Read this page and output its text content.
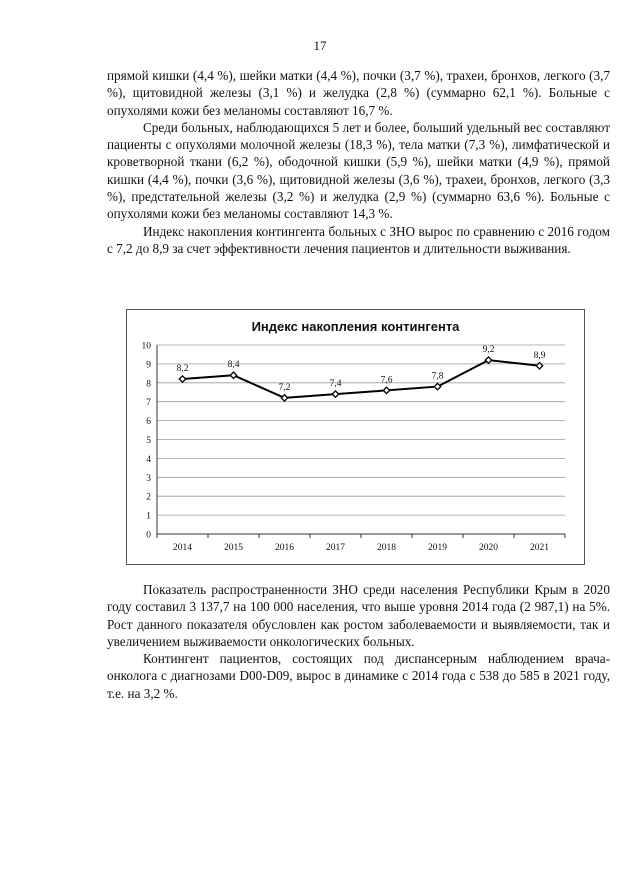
17

прямой кишки (4,4 %), шейки матки (4,4 %), почки (3,7 %), трахеи, бронхов, легкого (3,7 %), щитовидной железы (3,1 %) и желудка (2,8 %) (суммарно 62,1 %). Больные с опухолями кожи без меланомы составляют 16,7 %.

Среди больных, наблюдающихся 5 лет и более, больший удельный вес составляют пациенты с опухолями молочной железы (18,3 %), тела матки (7,3 %), лимфатической и кроветворной ткани (6,2 %), ободочной кишки (5,9 %), шейки матки (4,9 %), прямой кишки (4,4 %), почки (3,6 %), щитовидной железы (3,6 %), трахеи, бронхов, легкого (3,3 %), предстательной железы (3,2 %) и желудка (2,9 %) (суммарно 63,6 %). Больные с опухолями кожи без меланомы составляют 14,3 %.

Индекс накопления контингента больных с ЗНО вырос по сравнению с 2016 годом с 7,2 до 8,9 за счет эффективности лечения пациентов и длительности выживания.

Индекс накопления контингента
0
1
2
3
4
5
6
7
8
9
10
2014	2015	2016	2017	2018	2019	2020	2021
8,2	8,4
7,2	7,4	7,6	7,8
9,2
8,9

Показатель распространенности ЗНО среди населения Республики Крым в 2020 году составил 3 137,7 на 100 000 населения, что выше уровня 2014 года (2 987,1) на 5%. Рост данного показателя обусловлен как ростом заболеваемости и выявляемости, так и увеличением выживаемости онкологических больных.

Контингент пациентов, состоящих под диспансерным наблюдением врача-онколога с диагнозами D00-D09, вырос в динамике с 2014 года с 538 до 585 в 2021 году, т.е. на 3,2 %.
